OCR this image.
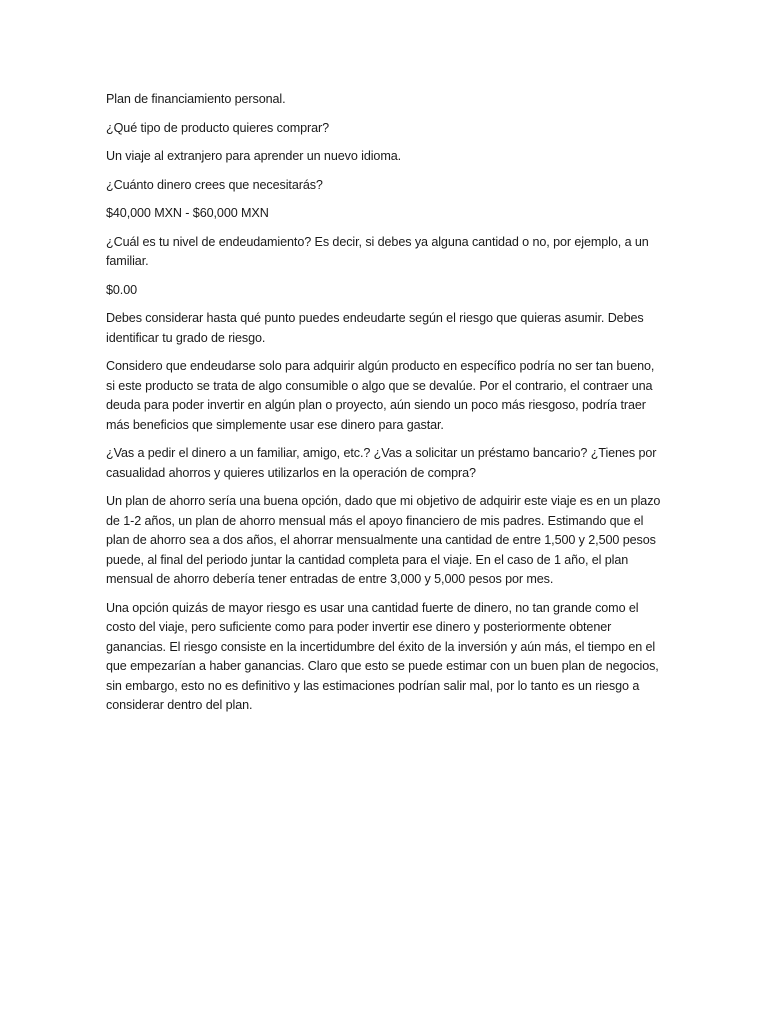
Plan de financiamiento personal.

¿Qué tipo de producto quieres comprar?

Un viaje al extranjero para aprender un nuevo idioma.

¿Cuánto dinero crees que necesitarás?

$40,000 MXN - $60,000 MXN

¿Cuál es tu nivel de endeudamiento? Es decir, si debes ya alguna cantidad o no, por ejemplo, a un familiar.

$0.00

Debes considerar hasta qué punto puedes endeudarte según el riesgo que quieras asumir. Debes identificar tu grado de riesgo.

Considero que endeudarse solo para adquirir algún producto en específico podría no ser tan bueno, si este producto se trata de algo consumible o algo que se devalúe. Por el contrario, el contraer una deuda para poder invertir en algún plan o proyecto, aún siendo un poco más riesgoso, podría traer más beneficios que simplemente usar ese dinero para gastar.

¿Vas a pedir el dinero a un familiar, amigo, etc.? ¿Vas a solicitar un préstamo bancario? ¿Tienes por casualidad ahorros y quieres utilizarlos en la operación de compra?

Un plan de ahorro sería una buena opción, dado que mi objetivo de adquirir este viaje es en un plazo de 1-2 años, un plan de ahorro mensual más el apoyo financiero de mis padres. Estimando que el plan de ahorro sea a dos años, el ahorrar mensualmente una cantidad de entre 1,500 y 2,500 pesos puede, al final del periodo juntar la cantidad completa para el viaje. En el caso de 1 año, el plan mensual de ahorro debería tener entradas de entre 3,000 y 5,000 pesos por mes.

Una opción quizás de mayor riesgo es usar una cantidad fuerte de dinero, no tan grande como el costo del viaje, pero suficiente como para poder invertir ese dinero y posteriormente obtener ganancias. El riesgo consiste en la incertidumbre del éxito de la inversión y aún más, el tiempo en el que empezarían a haber ganancias. Claro que esto se puede estimar con un buen plan de negocios, sin embargo, esto no es definitivo y las estimaciones podrían salir mal, por lo tanto es un riesgo a considerar dentro del plan.
